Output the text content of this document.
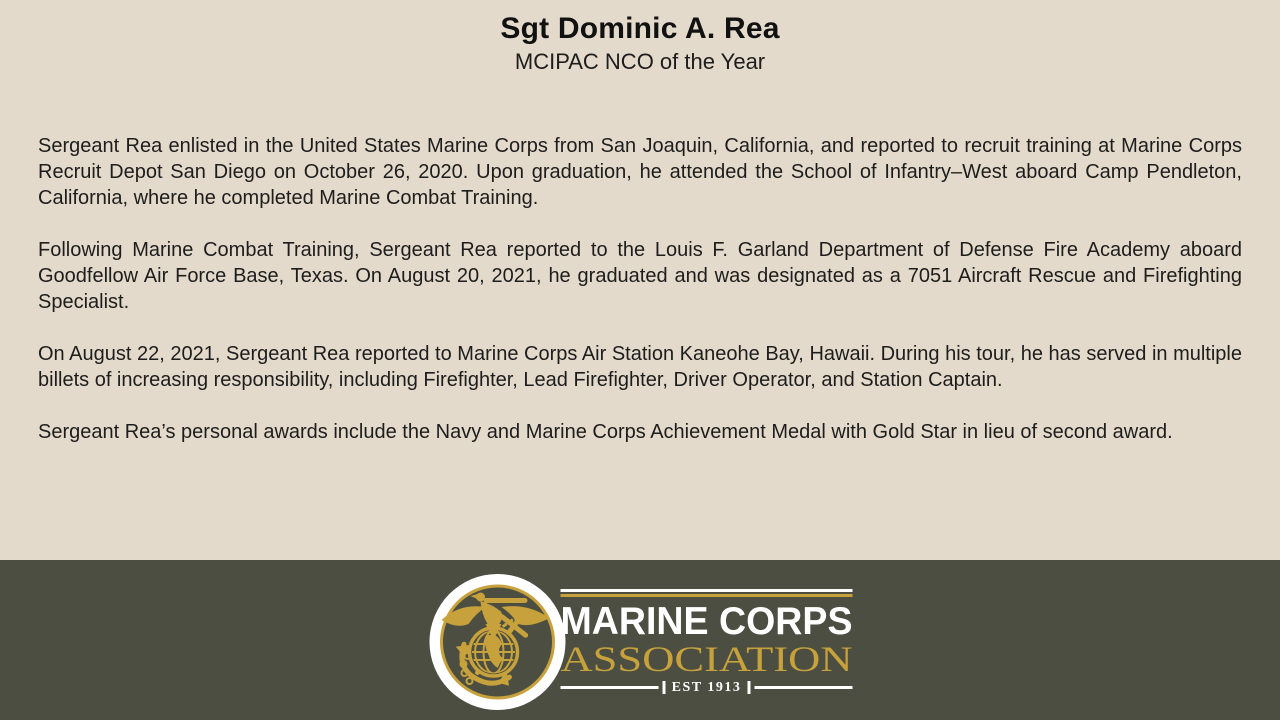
Sgt Dominic A. Rea
MCIPAC NCO of the Year

Sergeant Rea enlisted in the United States Marine Corps from San Joaquin, California, and reported to recruit training at Marine Corps Recruit Depot San Diego on October 26, 2020. Upon graduation, he attended the School of Infantry–West aboard Camp Pendleton, California, where he completed Marine Combat Training.

Following Marine Combat Training, Sergeant Rea reported to the Louis F. Garland Department of Defense Fire Academy aboard Goodfellow Air Force Base, Texas. On August 20, 2021, he graduated and was designated as a 7051 Aircraft Rescue and Firefighting Specialist.

On August 22, 2021, Sergeant Rea reported to Marine Corps Air Station Kaneohe Bay, Hawaii. During his tour, he has served in multiple billets of increasing responsibility, including Firefighter, Lead Firefighter, Driver Operator, and Station Captain.

Sergeant Rea’s personal awards include the Navy and Marine Corps Achievement Medal with Gold Star in lieu of second award.

MARINE CORPS
ASSOCIATION
EST 1913
